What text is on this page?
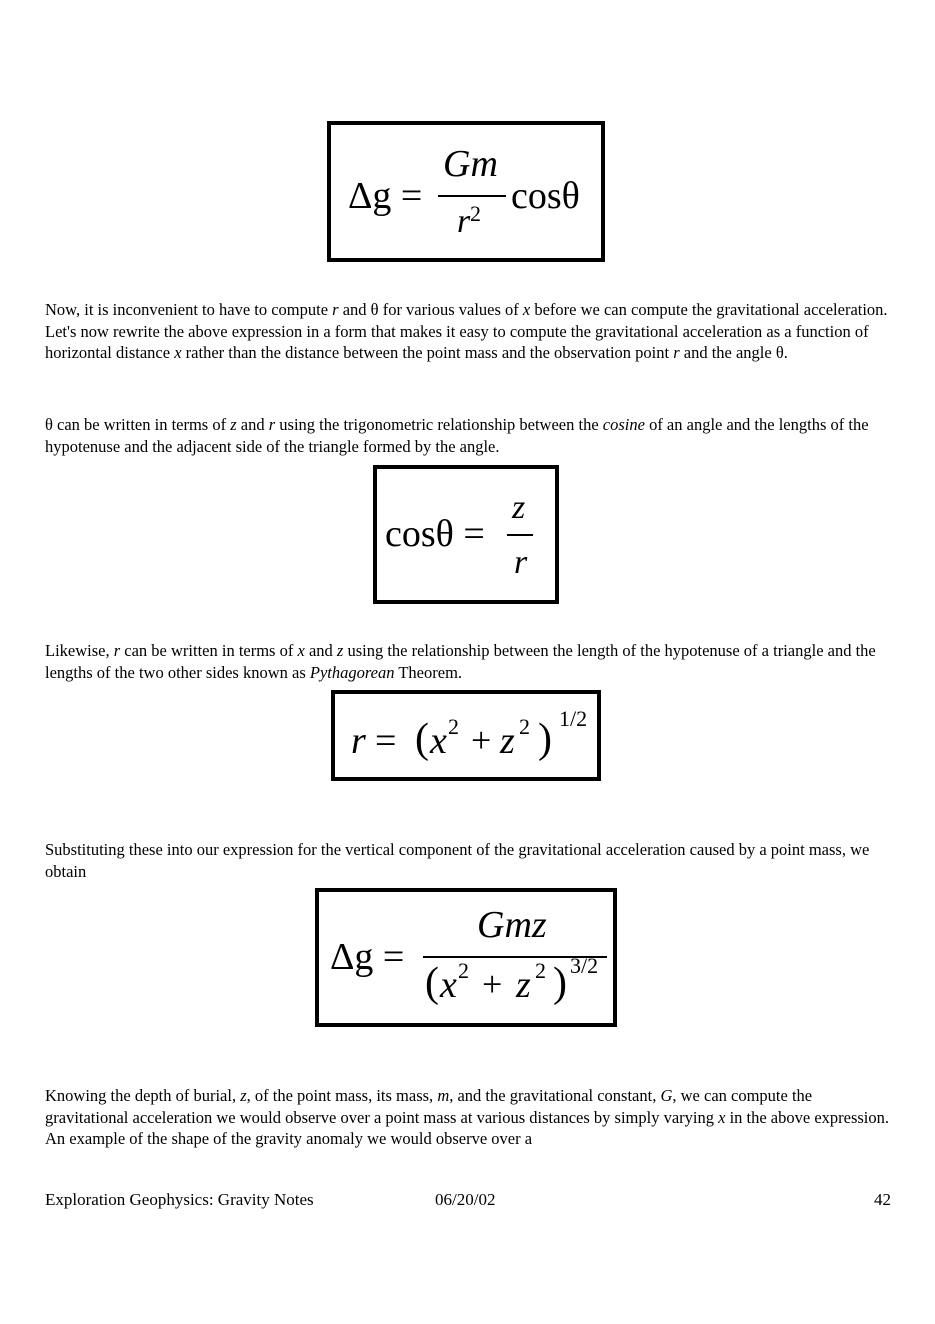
Δg =
Gm
r 2 cosθ

Now, it is inconvenient to have to compute r and θ for various values of x before we can compute the gravitational acceleration. Let's now rewrite the above expression in a form that makes it easy to compute the gravitational acceleration as a function of horizontal distance x rather than the distance between the point mass and the observation point r and the angle θ.

θ can be written in terms of z and r using the trigonometric relationship between the cosine of an angle and the lengths of the hypotenuse and the adjacent side of the triangle formed by the angle.

cosθ =
z
r

Likewise, r can be written in terms of x and z using the relationship between the length of the hypotenuse of a triangle and the lengths of the two other sides known as Pythagorean Theorem.

r = ( x 2 + z 2 ) 1/2

Substituting these into our expression for the vertical component of the gravitational acceleration caused by a point mass, we obtain

Δg =
Gmz
( x 2 + z 2 ) 3/2

Knowing the depth of burial, z, of the point mass, its mass, m, and the gravitational constant, G, we can compute the gravitational acceleration we would observe over a point mass at various distances by simply varying x in the above expression. An example of the shape of the gravity anomaly we would observe over a

Exploration Geophysics: Gravity Notes	06/20/02	42
